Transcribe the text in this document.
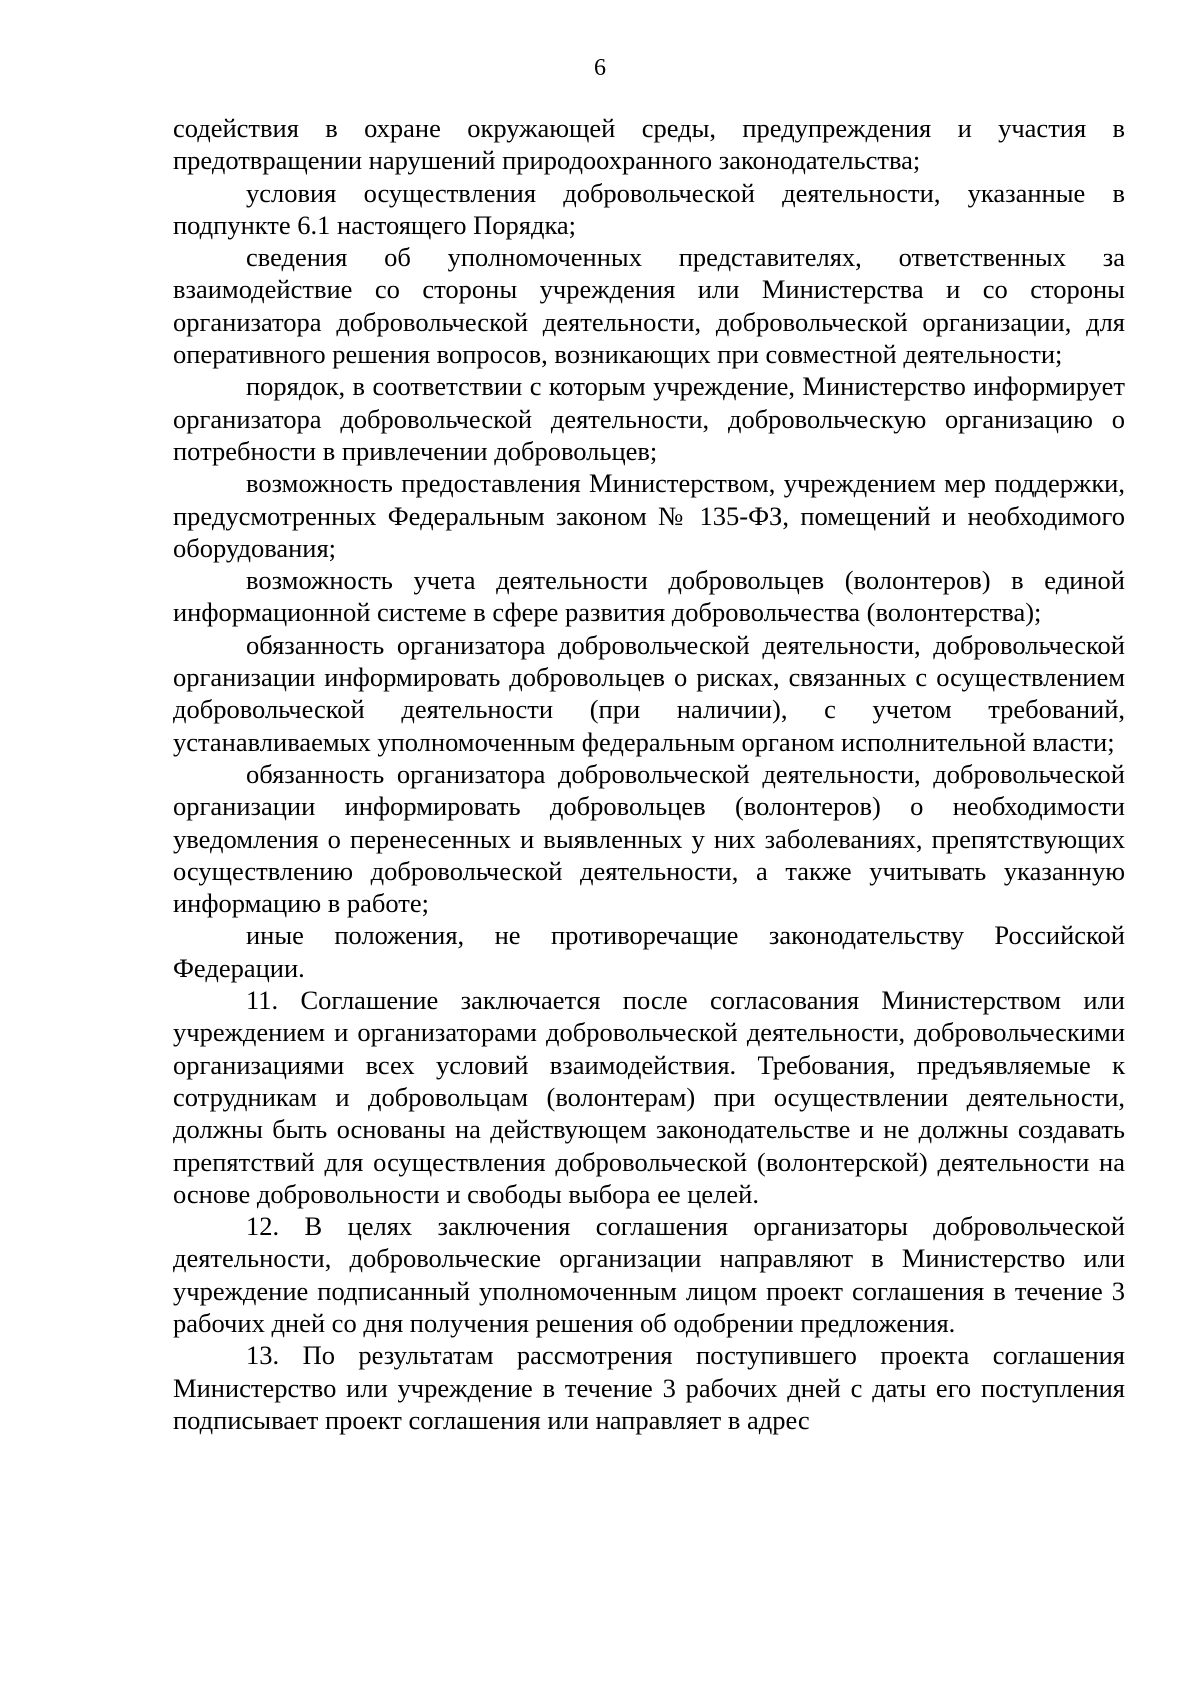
6

содействия в охране окружающей среды, предупреждения и участия в предотвращении нарушений природоохранного законодательства;

условия осуществления добровольческой деятельности, указанные в подпункте 6.1 настоящего Порядка;

сведения об уполномоченных представителях, ответственных за взаимодействие со стороны учреждения или Министерства и со стороны организатора добровольческой деятельности, добровольческой организации, для оперативного решения вопросов, возникающих при совместной деятельности;

порядок, в соответствии с которым учреждение, Министерство информирует организатора добровольческой деятельности, добровольческую организацию о потребности в привлечении добровольцев;

возможность предоставления Министерством, учреждением мер поддержки, предусмотренных Федеральным законом № 135-ФЗ, помещений и необходимого оборудования;

возможность учета деятельности добровольцев (волонтеров) в единой информационной системе в сфере развития добровольчества (волонтерства);

обязанность организатора добровольческой деятельности, добровольческой организации информировать добровольцев о рисках, связанных с осуществлением добровольческой деятельности (при наличии), с учетом требований, устанавливаемых уполномоченным федеральным органом исполнительной власти;

обязанность организатора добровольческой деятельности, добровольческой организации информировать добровольцев (волонтеров) о необходимости уведомления о перенесенных и выявленных у них заболеваниях, препятствующих осуществлению добровольческой деятельности, а также учитывать указанную информацию в работе;

иные положения, не противоречащие законодательству Российской Федерации.

11. Соглашение заключается после согласования Министерством или учреждением и организаторами добровольческой деятельности, добровольческими организациями всех условий взаимодействия. Требования, предъявляемые к сотрудникам и добровольцам (волонтерам) при осуществлении деятельности, должны быть основаны на действующем законодательстве и не должны создавать препятствий для осуществления добровольческой (волонтерской) деятельности на основе добровольности и свободы выбора ее целей.

12. В целях заключения соглашения организаторы добровольческой деятельности, добровольческие организации направляют в Министерство или учреждение подписанный уполномоченным лицом проект соглашения в течение 3 рабочих дней со дня получения решения об одобрении предложения.

13. По результатам рассмотрения поступившего проекта соглашения Министерство или учреждение в течение 3 рабочих дней с даты его поступления подписывает проект соглашения или направляет в адрес
